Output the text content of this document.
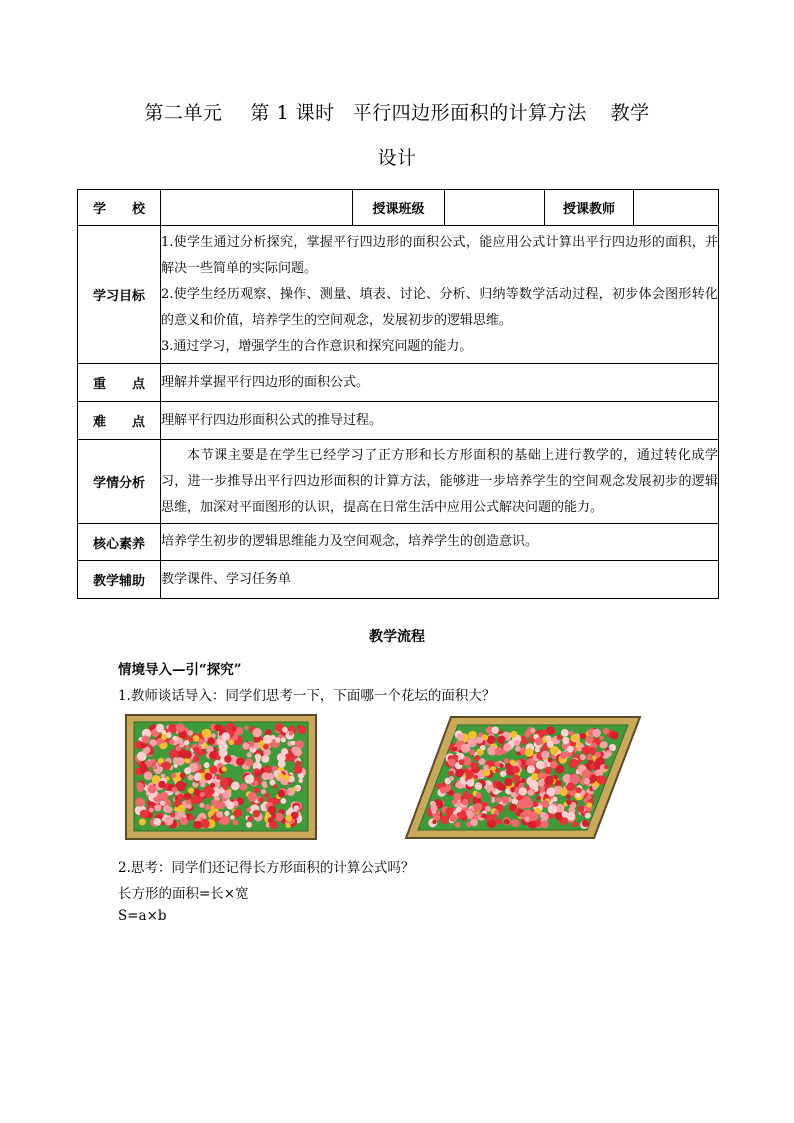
第二单元 第 1 课时 平行四边形面积的计算方法 教学
设计
学　　校		授课班级		授课教师	
学习目标	1.使学生通过分析探究，掌握平行四边形的面积公式，能应用公式计算出平行四边形的面积，并解决一些简单的实际问题。

2.使学生经历观察、操作、测量、填表、讨论、分析、归纳等数学活动过程，初步体会图形转化的意义和价值，培养学生的空间观念，发展初步的逻辑思维。

3.通过学习，增强学生的合作意识和探究问题的能力。				

重　　点	理解并掌握平行四边形的面积公式。				
难　　点	理解平行四边形面积公式的推导过程。				
学情分析	本节课主要是在学生已经学习了正方形和长方形面积的基础上进行教学的，通过转化成学习，进一步推导出平行四边形面积的计算方法，能够进一步培养学生的空间观念发展初步的逻辑思维，加深对平面图形的认识，提高在日常生活中应用公式解决问题的能力。				

核心素养	培养学生初步的逻辑思维能力及空间观念，培养学生的创造意识。				
教学辅助	教学课件、学习任务单				
教学流程
情境导入—引“探究”
1.教师谈话导入：同学们思考一下，下面哪一个花坛的面积大？
2.思考：同学们还记得长方形面积的计算公式吗？
长方形的面积=长×宽
S=a×b
